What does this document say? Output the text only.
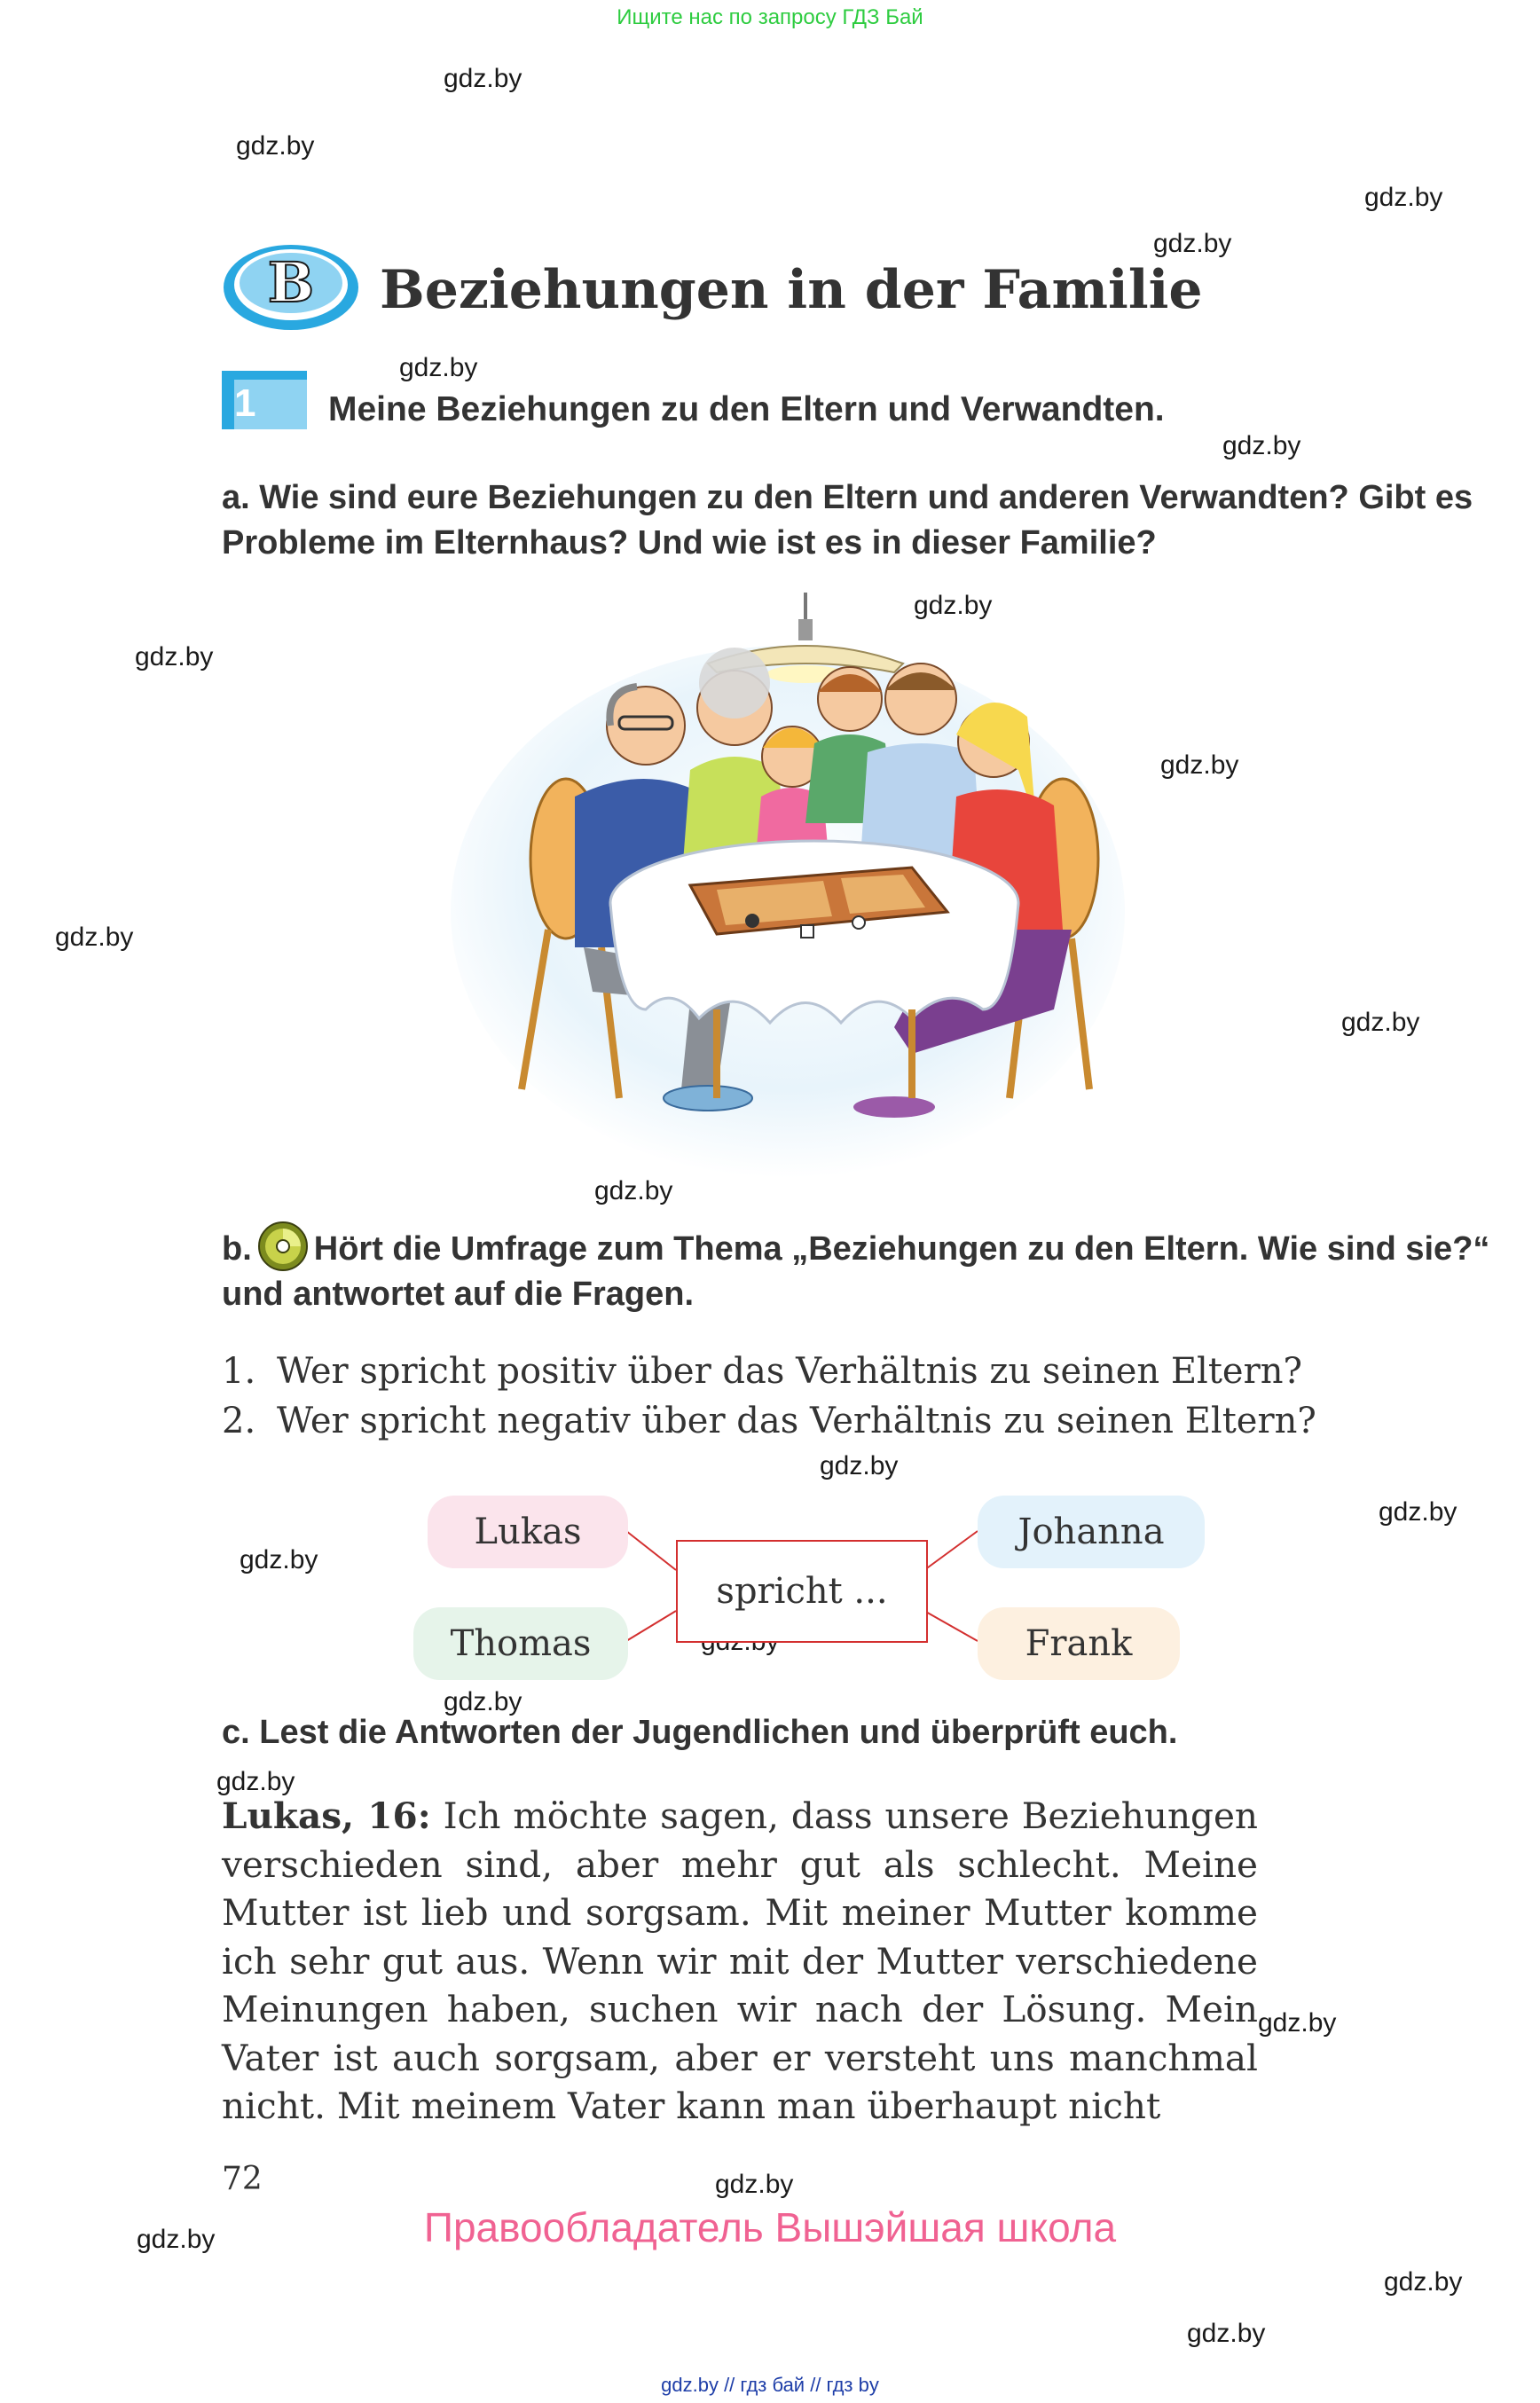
Ищите нас по запросу ГДЗ Бай
gdz.by
gdz.by
gdz.by
gdz.by
gdz.by
gdz.by
gdz.by
gdz.by
gdz.by
gdz.by
gdz.by
gdz.by
gdz.by
gdz.by
gdz.by
gdz.by
gdz.by
gdz.by
gdz.by
gdz.by
gdz.by
gdz.by
B Beziehungen in der Familie
1 Meine Beziehungen zu den Eltern und Verwandten.
a. Wie sind eure Beziehungen zu den Eltern und anderen Verwandten? Gibt es Probleme im Elternhaus? Und wie ist es in dieser Familie?
b. Hört die Umfrage zum Thema „Beziehungen zu den Eltern. Wie sind sie?“ und antwortet auf die Fragen.
1. Wer spricht positiv über das Verhältnis zu seinen Eltern?
2. Wer spricht negativ über das Verhältnis zu seinen Eltern?
Lukas	Johanna
Thomas	Frank
spricht ...
c. Lest die Antworten der Jugendlichen und überprüft euch.
Lukas, 16: Ich möchte sagen, dass unsere Beziehungen verschieden sind, aber mehr gut als schlecht. Meine Mutter ist lieb und sorgsam. Mit meiner Mutter komme ich sehr gut aus. Wenn wir mit der Mutter verschiedene Meinungen haben, suchen wir nach der Lösung. Mein Vater ist auch sorgsam, aber er versteht uns manchmal nicht. Mit meinem Vater kann man überhaupt nicht
72
Правообладатель Вышэйшая школа
gdz.by // гдз бай // гдз by
